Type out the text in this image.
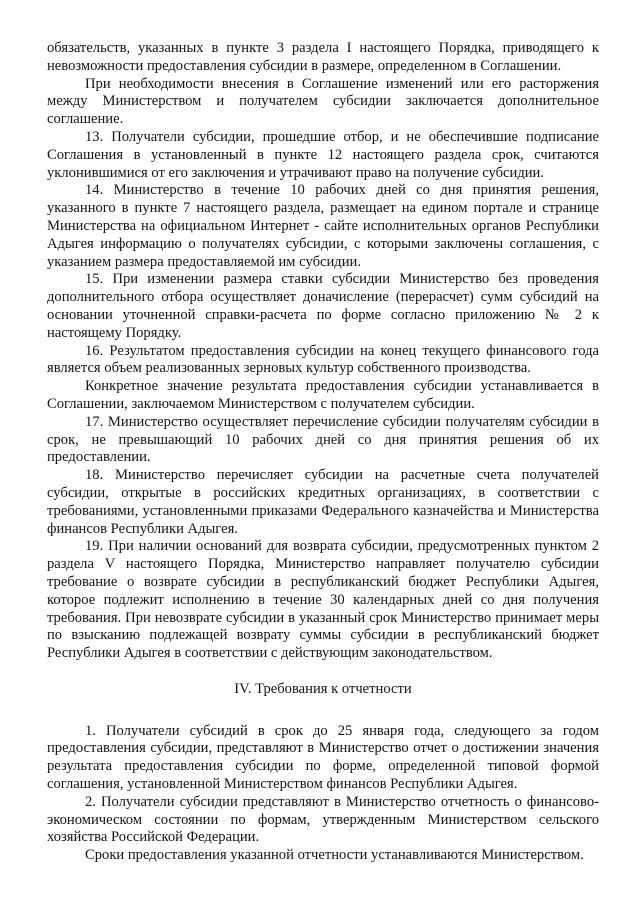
обязательств, указанных в пункте 3 раздела I настоящего Порядка, приводящего к невозможности предоставления субсидии в размере, определенном в Соглашении.

При необходимости внесения в Соглашение изменений или его расторжения между Министерством и получателем субсидии заключается дополнительное соглашение.

13. Получатели субсидии, прошедшие отбор, и не обеспечившие подписание Соглашения в установленный в пункте 12 настоящего раздела срок, считаются уклонившимися от его заключения и утрачивают право на получение субсидии.

14. Министерство в течение 10 рабочих дней со дня принятия решения, указанного в пункте 7 настоящего раздела, размещает на едином портале и странице Министерства на официальном Интернет - сайте исполнительных органов Республики Адыгея информацию о получателях субсидии, с которыми заключены соглашения, с указанием размера предоставляемой им субсидии.

15. При изменении размера ставки субсидии Министерство без проведения дополнительного отбора осуществляет доначисление (перерасчет) сумм субсидий на основании уточненной справки-расчета по форме согласно приложению № 2 к настоящему Порядку.

16. Результатом предоставления субсидии на конец текущего финансового года является объем реализованных зерновых культур собственного производства.

Конкретное значение результата предоставления субсидии устанавливается в Соглашении, заключаемом Министерством с получателем субсидии.

17. Министерство осуществляет перечисление субсидии получателям субсидии в срок, не превышающий 10 рабочих дней со дня принятия решения об их предоставлении.

18. Министерство перечисляет субсидии на расчетные счета получателей субсидии, открытые в российских кредитных организациях, в соответствии с требованиями, установленными приказами Федерального казначейства и Министерства финансов Республики Адыгея.

19. При наличии оснований для возврата субсидии, предусмотренных пунктом 2 раздела V настоящего Порядка, Министерство направляет получателю субсидии требование о возврате субсидии в республиканский бюджет Республики Адыгея, которое подлежит исполнению в течение 30 календарных дней со дня получения требования. При невозврате субсидии в указанный срок Министерство принимает меры по взысканию подлежащей возврату суммы субсидии в республиканский бюджет Республики Адыгея в соответствии с действующим законодательством.

IV. Требования к отчетности

1. Получатели субсидий в срок до 25 января года, следующего за годом предоставления субсидии, представляют в Министерство отчет о достижении значения результата предоставления субсидии по форме, определенной типовой формой соглашения, установленной Министерством финансов Республики Адыгея.

2. Получатели субсидии представляют в Министерство отчетность о финансово-экономическом состоянии по формам, утвержденным Министерством сельского хозяйства Российской Федерации.

Сроки предоставления указанной отчетности устанавливаются Министерством.
